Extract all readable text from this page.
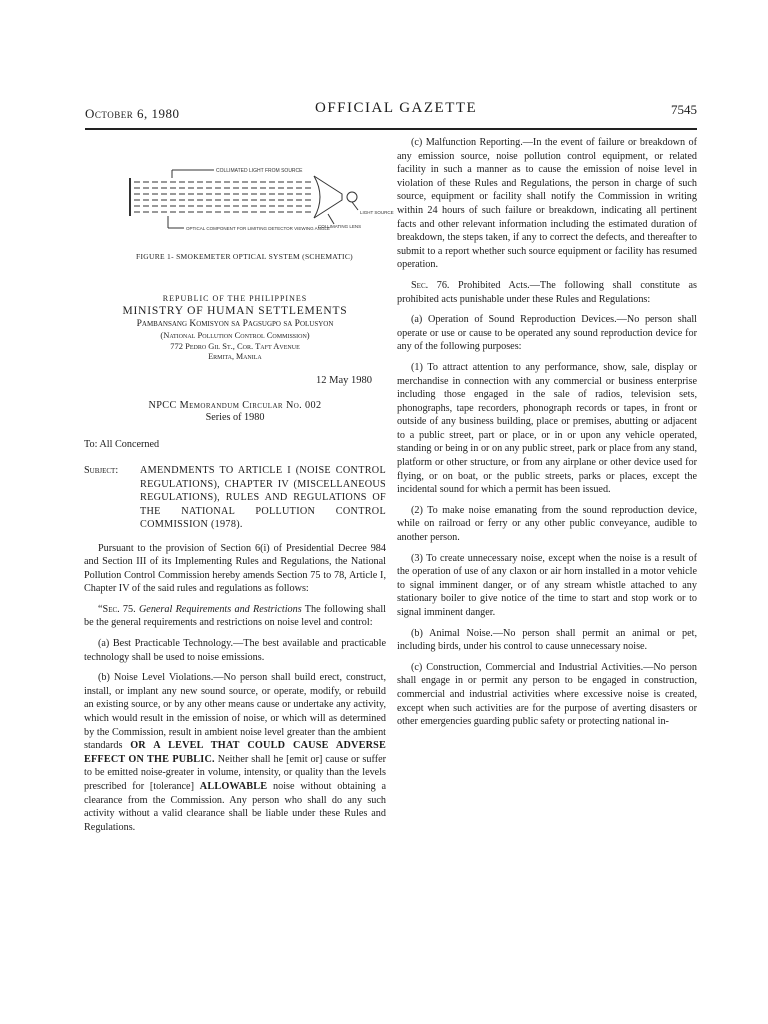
October 6, 1980	OFFICIAL GAZETTE	7545
COLLIMATED LIGHT FROM SOURCE
OPTICAL COMPONENT FOR LIMITING DETECTOR VIEWING ANGLE
LIGHT SOURCE
COLLIMATING LENS
FIGURE 1- SMOKEMETER OPTICAL SYSTEM (SCHEMATIC)
REPUBLIC OF THE PHILIPPINES
MINISTRY OF HUMAN SETTLEMENTS
Pambansang Komisyon sa Pagsugpo sa Polusyon
(National Pollution Control Commission)
772 Pedro Gil St., Cor. Taft Avenue
Ermita, Manila
12 May 1980
NPCC Memorandum Circular No. 002
Series of 1980
To: All Concerned
Subject: AMENDMENTS TO ARTICLE I (NOISE CONTROL REGULATIONS), CHAPTER IV (MISCELLANEOUS REGULATIONS), RULES AND REGULATIONS OF THE NATIONAL POLLUTION CONTROL COMMISSION (1978).

Pursuant to the provision of Section 6(i) of Presidential Decree 984 and Section III of its Implementing Rules and Regulations, the National Pollution Control Commission hereby amends Section 75 to 78, Article I, Chapter IV of the said rules and regulations as follows:

“Sec. 75. General Requirements and Restrictions The following shall be the general requirements and restrictions on noise level and control:

(a) Best Practicable Technology.—The best available and practicable technology shall be used to noise emissions.

(b) Noise Level Violations.—No person shall build erect, construct, install, or implant any new sound source, or operate, modify, or rebuild an existing source, or by any other means cause or undertake any activity, which would result in the emission of noise, or which will as determined by the Commission, result in ambient noise level greater than the ambient standards OR A LEVEL THAT COULD CAUSE ADVERSE EFFECT ON THE PUBLIC. Neither shall he [emit or] cause or suffer to be emitted noise-greater in volume, intensity, or quality than the levels prescribed for [tolerance] ALLOWABLE noise without obtaining a clearance from the Commission. Any person who shall do any such activity without a valid clearance shall be liable under these Rules and Regulations.

(c) Malfunction Reporting.—In the event of failure or breakdown of any emission source, noise pollution control equipment, or related facility in such a manner as to cause the emission of noise level in violation of these Rules and Regulations, the person in charge of such source, equipment or facility shall notify the Commission in writing within 24 hours of such failure or breakdown, indicating all pertinent facts and other relevant information including the estimated duration of breakdown, the steps taken, if any to correct the defects, and thereafter to submit to a report whether such source equipment or facility has resumed operation.

Sec. 76. Prohibited Acts.—The following shall constitute as prohibited acts punishable under these Rules and Regulations:

(a) Operation of Sound Reproduction Devices.—No person shall operate or use or cause to be operated any sound reproduction device for any of the following purposes:

(1) To attract attention to any performance, show, sale, display or merchandise in connection with any commercial or business enterprise including those engaged in the sale of radios, television sets, phonographs, tape recorders, phonograph records or tapes, in front or outside of any business building, place or premises, abutting or adjacent to a public street, part or place, or in or upon any vehicle operated, standing or being in or on any public street, park or place from any stand, platform or other structure, or from any airplane or other device used for flying, or on boat, or the public streets, parks or places, except the incidental sound for which a permit has been issued.

(2) To make noise emanating from the sound reproduction device, while on railroad or ferry or any other public conveyance, audible to another person.

(3) To create unnecessary noise, except when the noise is a result of the operation of use of any claxon or air horn installed in a motor vehicle to signal imminent danger, or of any stream whistle attached to any stationary boiler to give notice of the time to start and stop work or to signal imminent danger.

(b) Animal Noise.—No person shall permit an animal or pet, including birds, under his control to cause unnecessary noise.

(c) Construction, Commercial and Industrial Activities.—No person shall engage in or permit any person to be engaged in construction, commercial and industrial activities where excessive noise is created, except when such activities are for the purpose of averting disasters or other emergencies guarding public safety or protecting national in-
